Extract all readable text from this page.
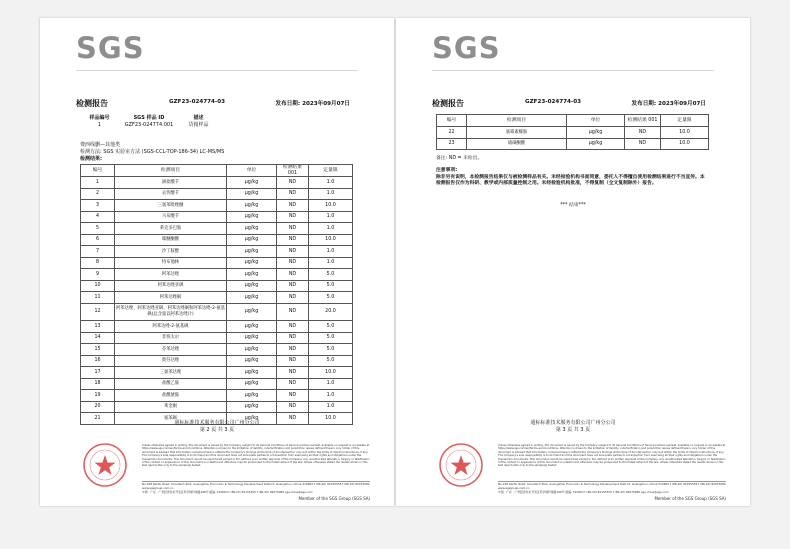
SGS
检测报告	GZF23-024774-03	发布日期: 2023年09月07日
样品编号	SGS 样品 ID	描述
1	GZF23-024774.001	货箱样品
费西线删—其他类
检测方法: SGS 实验室方法 (SGS-CCL-TOP-186-34) LC-MS/MS
检测结果:
编号	检测项目	单位	检测结果 001	定量限
1	滴盐酸苄	μg/kg	ND	1.0
2	去传酸苄	μg/kg	ND	1.0
3	三氯苯吡唑醚	μg/kg	ND	10.0
4	马布酸苄	μg/kg	ND	1.0
5	莱克多巴胺	μg/kg	ND	1.0
6	嗪醚酮酸	μg/kg	ND	10.0
7	沙丁胺醇	μg/kg	ND	1.0
8	特布他林	μg/kg	ND	1.0
9	阿苯达唑	μg/kg	ND	5.0
10	阿苯达唑亚砜	μg/kg	ND	5.0
11	阿苯达唑砜	μg/kg	ND	5.0
12	阿苯达唑、阿苯达唑亚砜、阿苯达唑砜和阿苯达唑-2-氨基砜(总含量以阿苯达唑计)	μg/kg	ND	20.0
13	阿苯达唑-2-氨基砜	μg/kg	ND	5.0
14	非班太尔	μg/kg	ND	5.0
15	芬苯达唑	μg/kg	ND	5.0
16	奥芬达唑	μg/kg	ND	5.0
17	三氯苯达唑	μg/kg	ND	10.0
18	盐酸乙胺	μg/kg	ND	1.0
19	盐酸琥胺	μg/kg	ND	1.0
20	莱金刚	μg/kg	ND	1.0
21	氨苯砜	μg/kg	ND	10.0
通标标准技术服务有限公司广州分公司
第 2 页 共 3 页
Unless otherwise agreed in writing, this document is issued by the Company subject to its General Conditions of Service printed overleaf, available on request or accessible at https://www.sgs.com/en/Terms-and-Conditions. Attention is drawn to the limitation of liability, indemnification and jurisdiction issues defined therein. Any holder of this document is advised that information contained hereon reflects the Company's findings at the time of its intervention only and within the limits of Client's instructions, if any. The Company's sole responsibility is to its Client and this document does not exonerate parties to a transaction from exercising all their rights and obligations under the transaction documents. This document cannot be reproduced except in full, without prior written approval of the Company. Any unauthorized alteration, forgery or falsification of the content or appearance of this document is unlawful and offenders may be prosecuted to the fullest extent of the law. Unless otherwise stated the results shown in this test report refer only to the sample(s) tested.
No.198 Kezhu Road, Scientech Park, Guangzhou Economic & Technology Development District, Guangzhou, China 510663 t (86-20) 82155555 f (86-20) 82075080 www.sgsgroup.com.cn
中国 · 广东 · 广州经济技术开发区科学城科珠路198号 邮编: 510663 t (86-20) 82155555 f (86-20) 82075080 sgs.china@sgs.com
Member of the SGS Group (SGS SA)
SGS
检测报告	GZF23-024774-03	发布日期: 2023年09月07日
编号	检测项目	单位	检测结果 001	定量限
22	氯霉素檬胺	μg/kg	ND	10.0
23	硝磺酮酸	μg/kg	ND	10.0
备注: ND = 未检出。
注意事项:
除非另有说明，本检测报告结果仅与被检测样品有关。未经检验机构书面同意，委托人不得擅自使用检测结果进行不当宣传。本检测报告仅作为科研、教学或内部质量控制之用。未经检验机构批准，不得复制（全文复制除外）报告。
*** 结束***
通标标准技术服务有限公司广州分公司
第 3 页 共 3 页
Unless otherwise agreed in writing, this document is issued by the Company subject to its General Conditions of Service printed overleaf, available on request or accessible at https://www.sgs.com/en/Terms-and-Conditions. Attention is drawn to the limitation of liability, indemnification and jurisdiction issues defined therein. Any holder of this document is advised that information contained hereon reflects the Company's findings at the time of its intervention only and within the limits of Client's instructions, if any. The Company's sole responsibility is to its Client and this document does not exonerate parties to a transaction from exercising all their rights and obligations under the transaction documents. This document cannot be reproduced except in full, without prior written approval of the Company. Any unauthorized alteration, forgery or falsification of the content or appearance of this document is unlawful and offenders may be prosecuted to the fullest extent of the law. Unless otherwise stated the results shown in this test report refer only to the sample(s) tested.
No.198 Kezhu Road, Scientech Park, Guangzhou Economic & Technology Development District, Guangzhou, China 510663 t (86-20) 82155555 f (86-20) 82075080 www.sgsgroup.com.cn
中国 · 广东 · 广州经济技术开发区科学城科珠路198号 邮编: 510663 t (86-20) 82155555 f (86-20) 82075080 sgs.china@sgs.com
Member of the SGS Group (SGS SA)
